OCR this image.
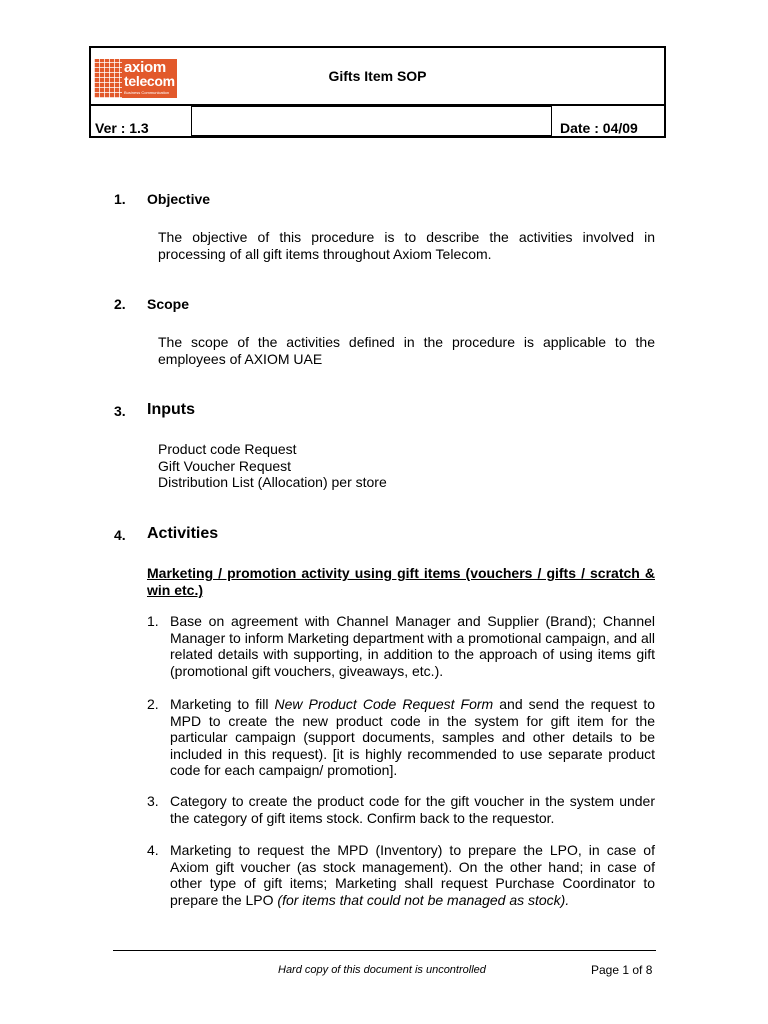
axiom
telecom
Business Communication
Gifts Item SOP
Ver : 1.3	Date : 04/09
1. Objective
The objective of this procedure is to describe the activities involved in processing of all gift items throughout Axiom Telecom.
2. Scope
The scope of the activities defined in the procedure is applicable to the employees of AXIOM UAE
3. Inputs
Product code Request
Gift Voucher Request
Distribution List (Allocation) per store
4. Activities
Marketing / promotion activity using gift items (vouchers / gifts / scratch & win etc.)
1. Base on agreement with Channel Manager and Supplier (Brand); Channel Manager to inform Marketing department with a promotional campaign, and all related details with supporting, in addition to the approach of using items gift (promotional gift vouchers, giveaways, etc.).
2. Marketing to fill New Product Code Request Form and send the request to MPD to create the new product code in the system for gift item for the particular campaign (support documents, samples and other details to be included in this request). [it is highly recommended to use separate product code for each campaign/ promotion].
3. Category to create the product code for the gift voucher in the system under the category of gift items stock. Confirm back to the requestor.
4. Marketing to request the MPD (Inventory) to prepare the LPO, in case of Axiom gift voucher (as stock management). On the other hand; in case of other type of gift items; Marketing shall request Purchase Coordinator to prepare the LPO (for items that could not be managed as stock).
Hard copy of this document is uncontrolled	Page 1 of 8
